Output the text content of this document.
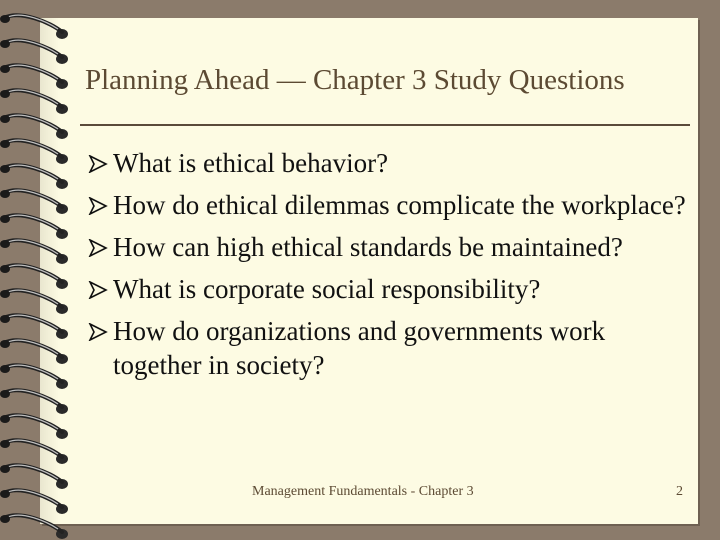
Planning Ahead — Chapter 3 Study Questions
What is ethical behavior?
How do ethical dilemmas complicate the workplace?
How can high ethical standards be maintained?
What is corporate social responsibility?
How do organizations and governments work together in society?
Management Fundamentals - Chapter 3	2
